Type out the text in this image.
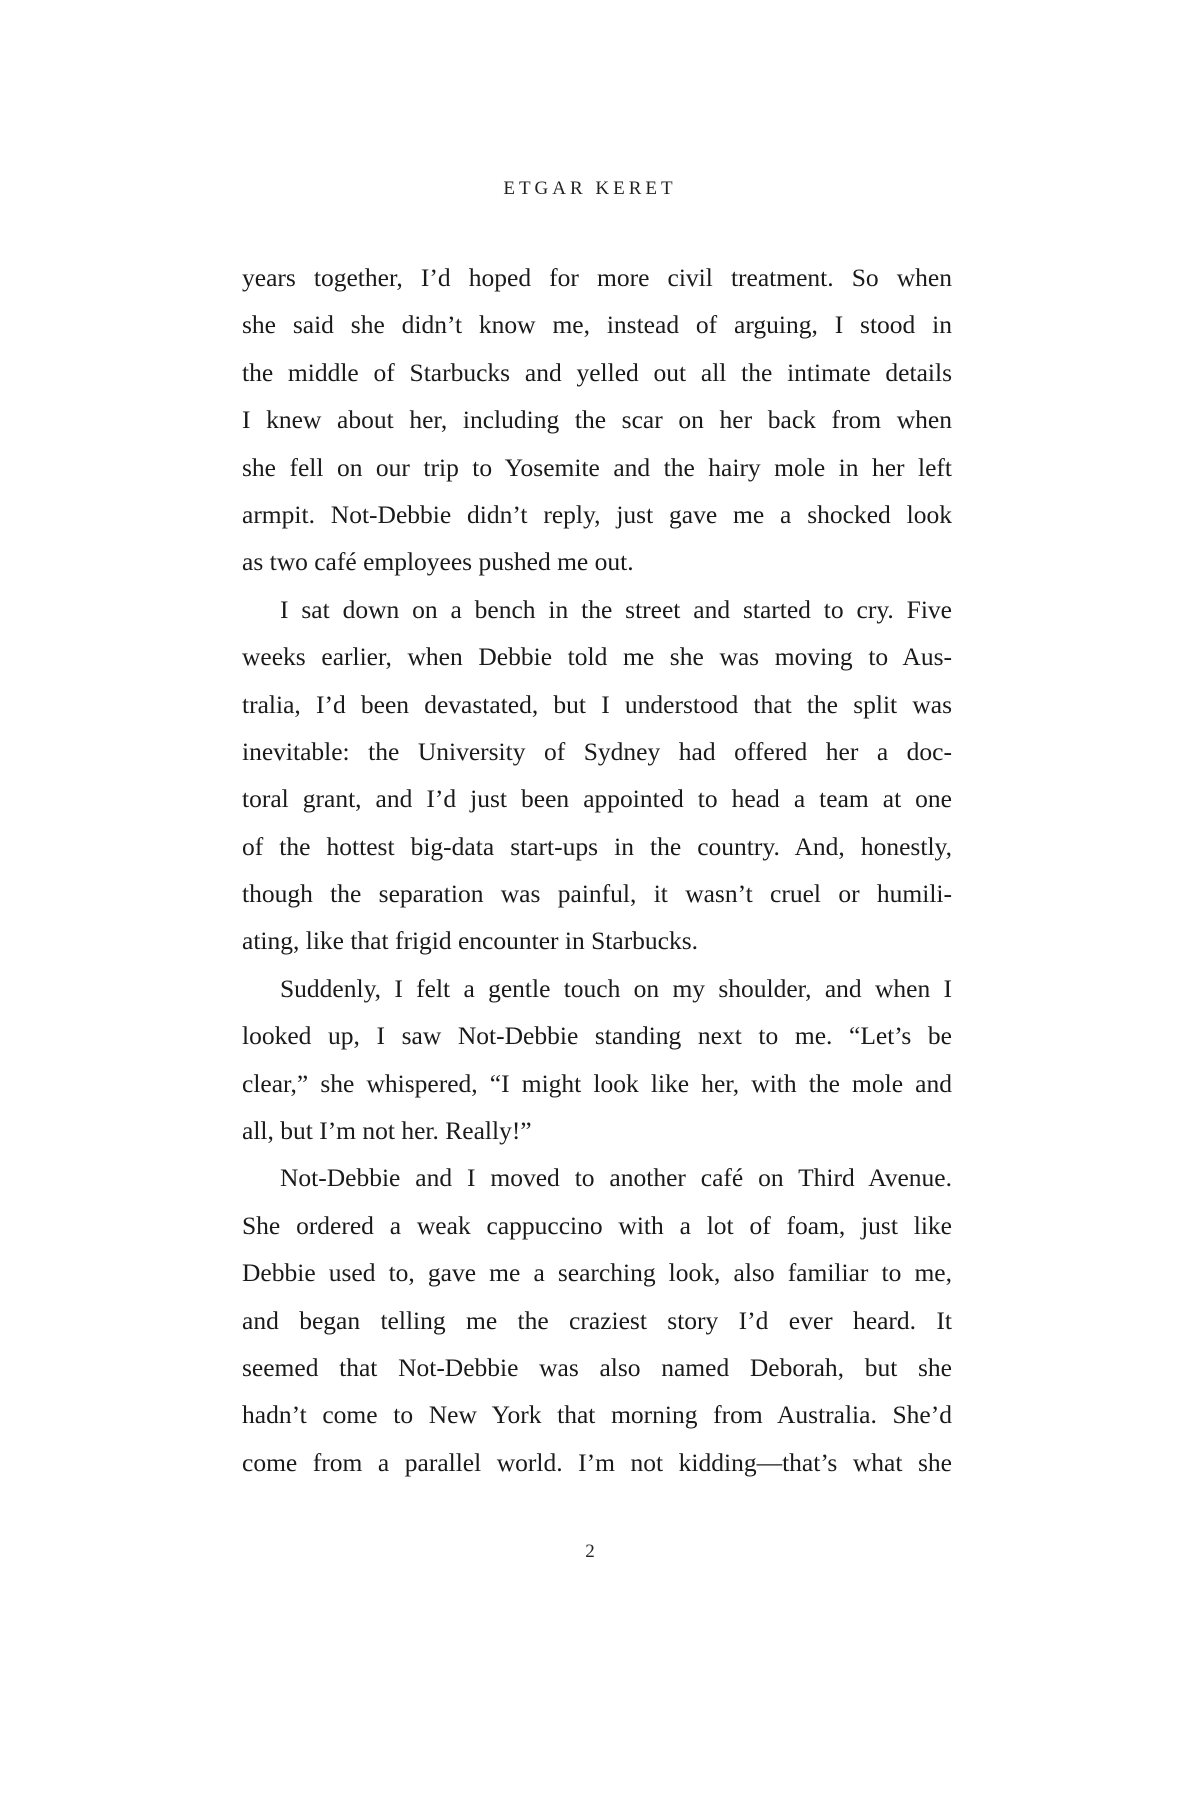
ETGAR KERET
years together, I’d hoped for more civil treatment. So when
she said she didn’t know me, instead of arguing, I stood in
the middle of Starbucks and yelled out all the intimate details
I knew about her, including the scar on her back from when
she fell on our trip to Yosemite and the hairy mole in her left
armpit. Not-Debbie didn’t reply, just gave me a shocked look
as two café employees pushed me out.
I sat down on a bench in the street and started to cry. Five
weeks earlier, when Debbie told me she was moving to Aus-
tralia, I’d been devastated, but I understood that the split was
inevitable: the University of Sydney had offered her a doc-
toral grant, and I’d just been appointed to head a team at one
of the hottest big-data start-ups in the country. And, honestly,
though the separation was painful, it wasn’t cruel or humili-
ating, like that frigid encounter in Starbucks.
Suddenly, I felt a gentle touch on my shoulder, and when I
looked up, I saw Not-Debbie standing next to me. “Let’s be
clear,” she whispered, “I might look like her, with the mole and
all, but I’m not her. Really!”
Not-Debbie and I moved to another café on Third Avenue.
She ordered a weak cappuccino with a lot of foam, just like
Debbie used to, gave me a searching look, also familiar to me,
and began telling me the craziest story I’d ever heard. It
seemed that Not-Debbie was also named Deborah, but she
hadn’t come to New York that morning from Australia. She’d
come from a parallel world. I’m not kidding—that’s what she
2
